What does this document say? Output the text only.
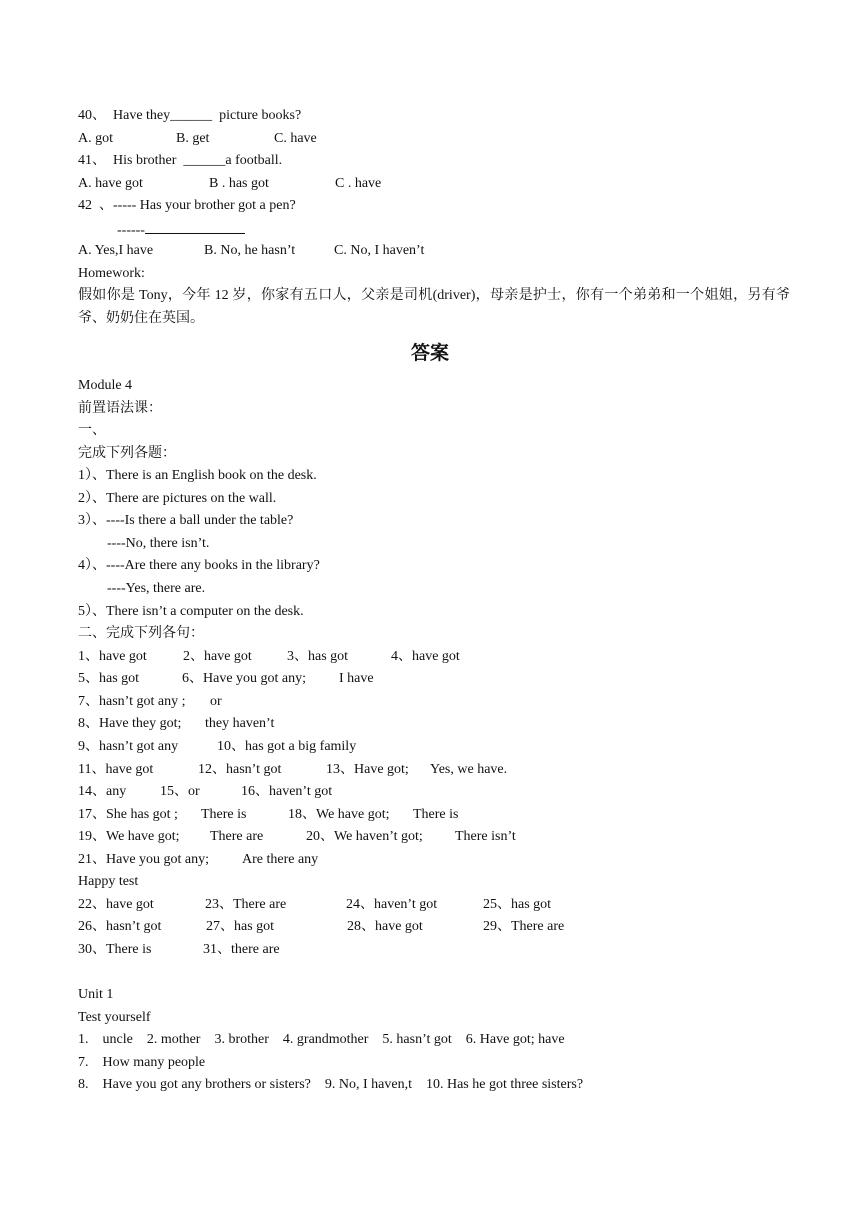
40、  Have they______  picture books?
A. got	B. get	C. have
41、  His brother  ______a football.
A. have got	B . has got	C . have
42  、----- Has your brother got a pen?
------
A. Yes,I have	B. No, he hasn’t	C. No, I haven’t
Homework:
假如你是 Tony，今年 12 岁，你家有五口人，父亲是司机(driver)，母亲是护士，你有一个弟弟和一个姐姐，另有爷爷、奶奶住在英国。
答案
Module 4
前置语法课：
一、
完成下列各题：
1）、There is an English book on the desk.
2）、There are pictures on the wall.
3）、----Is there a ball under the table?
----No, there isn’t.
4）、----Are there any books in the library?
----Yes, there are.
5）、There isn’t a computer on the desk.
二、完成下列各句：
1、have got	2、have got	3、has got	4、have got
5、has got	6、Have you got any; I have
7、hasn’t got any ; or
8、Have they got; they haven’t
9、hasn’t got any	10、has got a big family
11、have got	12、hasn’t got	13、Have got; Yes, we have.
14、any 15、or	16、haven’t got
17、She has got ; There is	18、We have got; There is
19、We have got; There are	20、We haven’t got; There isn’t
21、Have you got any; Are there any
Happy test
22、have got	23、There are	24、haven’t got	25、has got
26、hasn’t got	27、has got	28、have got	29、There are
30、There is	31、there are
Unit 1
Test yourself
1.    uncle    2. mother    3. brother    4. grandmother    5. hasn’t got    6. Have got; have
7.    How many people
8.    Have you got any brothers or sisters?    9. No, I haven,t    10. Has he got three sisters?
